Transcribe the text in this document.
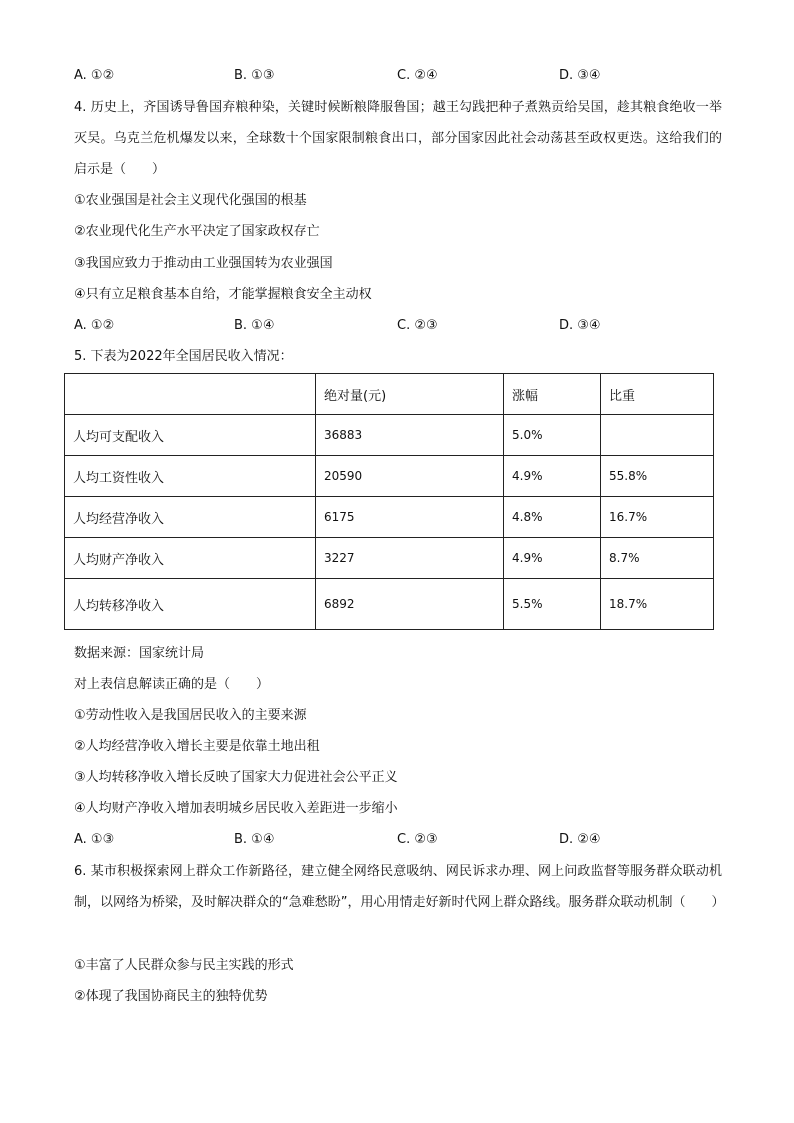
A. ①②	B. ①③	C. ②④	D. ③④
4. 历史上，齐国诱导鲁国弃粮种染，关键时候断粮降服鲁国；越王勾践把种子煮熟贡给吴国，趁其粮食绝收一举灭吴。乌克兰危机爆发以来，全球数十个国家限制粮食出口，部分国家因此社会动荡甚至政权更迭。这给我们的启示是（　　）
①农业强国是社会主义现代化强国的根基
②农业现代化生产水平决定了国家政权存亡
③我国应致力于推动由工业强国转为农业强国
④只有立足粮食基本自给，才能掌握粮食安全主动权
A. ①②	B. ①④	C. ②③	D. ③④
5. 下表为2022年全国居民收入情况：
	绝对量(元)	涨幅	比重
人均可支配收入	36883	5.0%	
人均工资性收入	20590	4.9%	55.8%
人均经营净收入	6175	4.8%	16.7%
人均财产净收入	3227	4.9%	8.7%
人均转移净收入	6892	5.5%	18.7%
数据来源：国家统计局
对上表信息解读正确的是（　　）
①劳动性收入是我国居民收入的主要来源
②人均经营净收入增长主要是依靠土地出租
③人均转移净收入增长反映了国家大力促进社会公平正义
④人均财产净收入增加表明城乡居民收入差距进一步缩小
A. ①③	B. ①④	C. ②③	D. ②④
6. 某市积极探索网上群众工作新路径，建立健全网络民意吸纳、网民诉求办理、网上问政监督等服务群众联动机制，以网络为桥梁，及时解决群众的“急难愁盼”，用心用情走好新时代网上群众路线。服务群众联动机制（　　）
①丰富了人民群众参与民主实践的形式
②体现了我国协商民主的独特优势
